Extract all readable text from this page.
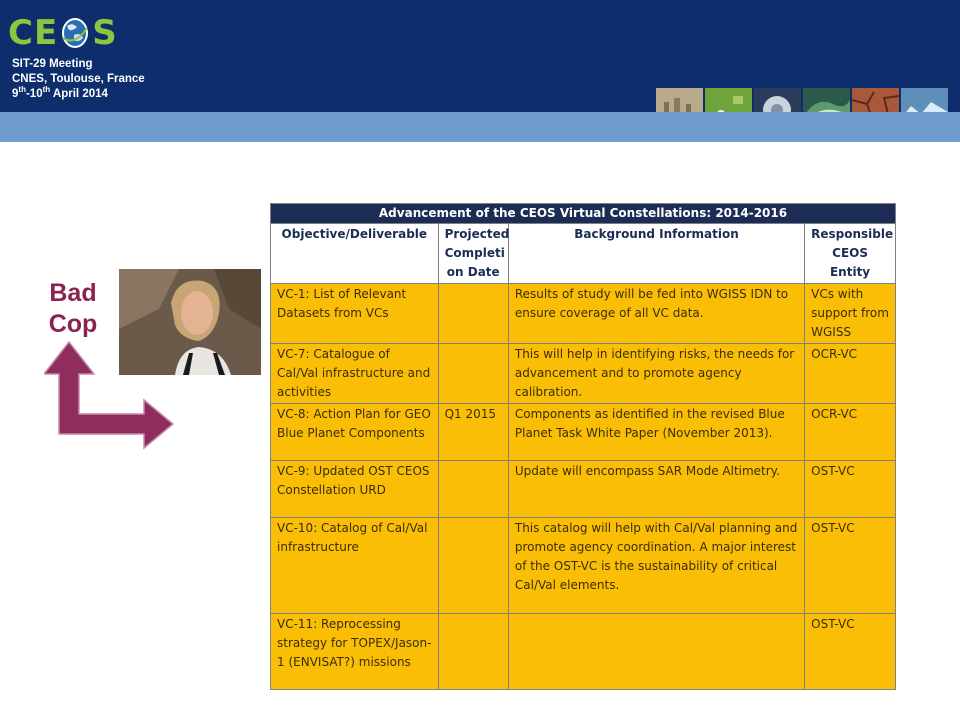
CE S
SIT-29 Meeting
CNES, Toulouse, France
9th-10th April 2014
Bad
Cop
Advancement of the CEOS Virtual Constellations: 2014-2016			
Objective/Deliverable	Projected Completi on Date	Background Information	Responsible CEOS Entity
VC-1: List of Relevant Datasets from VCs		Results of study will be fed into WGISS IDN to ensure coverage of all VC data.	VCs with support from WGISS
VC-7: Catalogue of Cal/Val infrastructure and activities		This will help in identifying risks, the needs for advancement and to promote agency calibration.	OCR-VC
VC-8: Action Plan for GEO Blue Planet Components	Q1 2015	Components as identified in the revised Blue Planet Task White Paper (November 2013).	OCR-VC
VC-9: Updated OST CEOS Constellation URD		Update will encompass SAR Mode Altimetry.	OST-VC
VC-10: Catalog of Cal/Val infrastructure		This catalog will help with Cal/Val planning and promote agency coordination. A major interest of the OST-VC is the sustainability of critical Cal/Val elements.	OST-VC
VC-11: Reprocessing strategy for TOPEX/Jason-1 (ENVISAT?) missions			OST-VC
